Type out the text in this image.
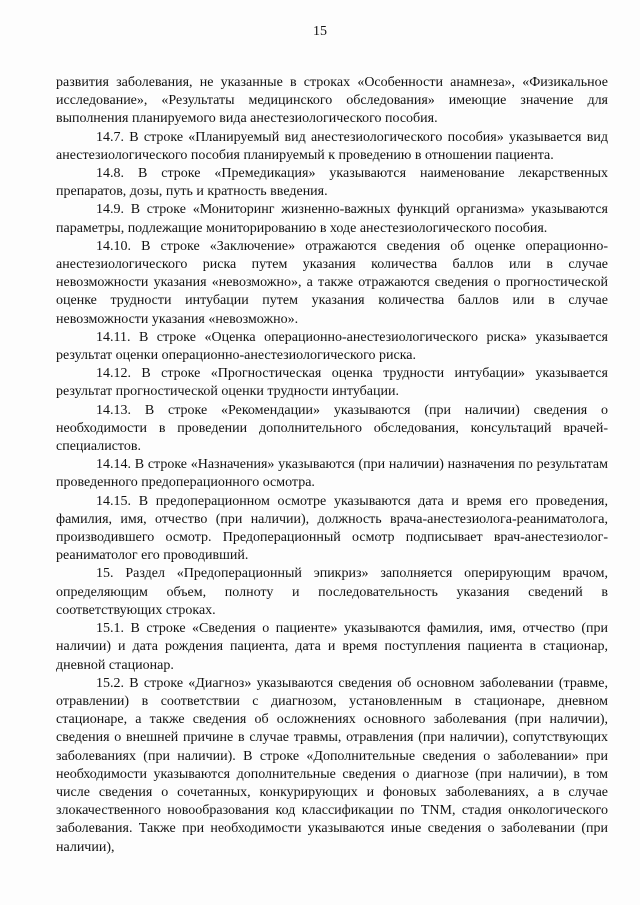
15

развития заболевания, не указанные в строках «Особенности анамнеза», «Физикальное исследование», «Результаты медицинского обследования» имеющие значение для выполнения планируемого вида анестезиологического пособия.

14.7. В строке «Планируемый вид анестезиологического пособия» указывается вид анестезиологического пособия планируемый к проведению в отношении пациента.

14.8. В строке «Премедикация» указываются наименование лекарственных препаратов, дозы, путь и кратность введения.

14.9. В строке «Мониторинг жизненно-важных функций организма» указываются параметры, подлежащие мониторированию в ходе анестезиологического пособия.

14.10. В строке «Заключение» отражаются сведения об оценке операционно-анестезиологического риска путем указания количества баллов или в случае невозможности указания «невозможно», а также отражаются сведения о прогностической оценке трудности интубации путем указания количества баллов или в случае невозможности указания «невозможно».

14.11. В строке «Оценка операционно-анестезиологического риска» указывается результат оценки операционно-анестезиологического риска.

14.12. В строке «Прогностическая оценка трудности интубации» указывается результат прогностической оценки трудности интубации.

14.13. В строке «Рекомендации» указываются (при наличии) сведения о необходимости в проведении дополнительного обследования, консультаций врачей-специалистов.

14.14. В строке «Назначения» указываются (при наличии) назначения по результатам проведенного предоперационного осмотра.

14.15. В предоперационном осмотре указываются дата и время его проведения, фамилия, имя, отчество (при наличии), должность врача-анестезиолога-реаниматолога, производившего осмотр. Предоперационный осмотр подписывает врач-анестезиолог-реаниматолог его проводивший.

15. Раздел «Предоперационный эпикриз» заполняется оперирующим врачом, определяющим объем, полноту и последовательность указания сведений в соответствующих строках.

15.1. В строке «Сведения о пациенте» указываются фамилия, имя, отчество (при наличии) и дата рождения пациента, дата и время поступления пациента в стационар, дневной стационар.

15.2. В строке «Диагноз» указываются сведения об основном заболевании (травме, отравлении) в соответствии с диагнозом, установленным в стационаре, дневном стационаре, а также сведения об осложнениях основного заболевания (при наличии), сведения о внешней причине в случае травмы, отравления (при наличии), сопутствующих заболеваниях (при наличии). В строке «Дополнительные сведения о заболевании» при необходимости указываются дополнительные сведения о диагнозе (при наличии), в том числе сведения о сочетанных, конкурирующих и фоновых заболеваниях, а в случае злокачественного новообразования код классификации по TNM, стадия онкологического заболевания. Также при необходимости указываются иные сведения о заболевании (при наличии),
